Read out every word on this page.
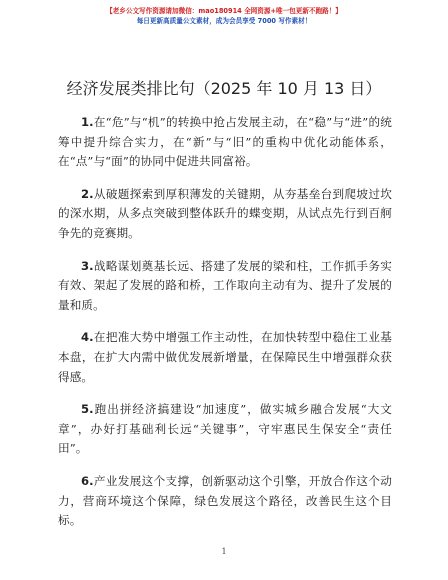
【老乡公文写作资源请加微信：mao180914 全网资源+唯一包更新不跑路！】
每日更新高质量公文素材，成为会员享受 7000 写作素材！
经济发展类排比句（2025 年 10 月 13 日）

1.在“危”与“机”的转换中抢占发展主动，在“稳”与“进”的统筹中提升综合实力，在“新”与“旧”的重构中优化动能体系，在“点”与“面”的协同中促进共同富裕。

2.从破题探索到厚积薄发的关键期，从夯基垒台到爬坡过坎的深水期，从多点突破到整体跃升的蝶变期，从试点先行到百舸争先的竞赛期。

3.战略谋划奠基长远、搭建了发展的梁和柱，工作抓手务实有效、架起了发展的路和桥，工作取向主动有为、提升了发展的量和质。

4.在把准大势中增强工作主动性，在加快转型中稳住工业基本盘，在扩大内需中做优发展新增量，在保障民生中增强群众获得感。

5.跑出拼经济搞建设“加速度”，做实城乡融合发展“大文章”，办好打基础利长远“关键事”，守牢惠民生保安全“责任田”。

6.产业发展这个支撑，创新驱动这个引擎，开放合作这个动力，营商环境这个保障，绿色发展这个路径，改善民生这个目标。

1
